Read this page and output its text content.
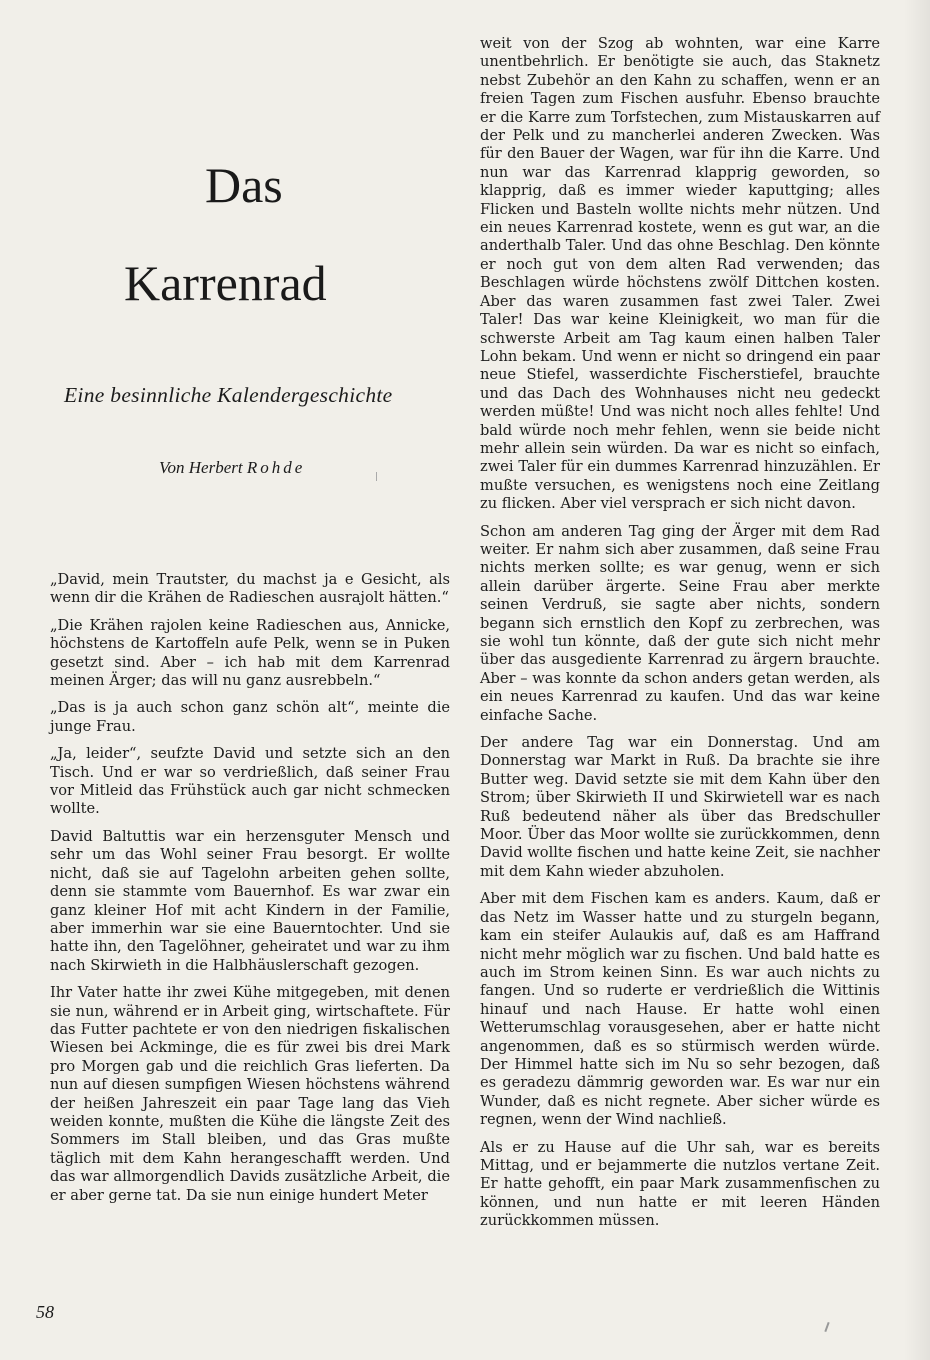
Das
Karrenrad
Eine besinnliche Kalendergeschichte
Von Herbert Rohde

„David, mein Trautster, du machst ja e Gesicht, als wenn dir die Krähen de Radieschen ausrajolt hätten.“

„Die Krähen rajolen keine Radieschen aus, Annicke, höchstens de Kartoffeln aufe Pelk, wenn se in Puken gesetzt sind. Aber – ich hab mit dem Karrenrad meinen Ärger; das will nu ganz ausrebbeln.“

„Das is ja auch schon ganz schön alt“, meinte die junge Frau.

„Ja, leider“, seufzte David und setzte sich an den Tisch. Und er war so verdrießlich, daß seiner Frau vor Mitleid das Frühstück auch gar nicht schmecken wollte.

David Baltuttis war ein herzensguter Mensch und sehr um das Wohl seiner Frau besorgt. Er wollte nicht, daß sie auf Tagelohn arbeiten gehen sollte, denn sie stammte vom Bauernhof. Es war zwar ein ganz kleiner Hof mit acht Kindern in der Familie, aber immerhin war sie eine Bauerntochter. Und sie hatte ihn, den Tagelöhner, geheiratet und war zu ihm nach Skirwieth in die Halbhäuslerschaft gezogen.

Ihr Vater hatte ihr zwei Kühe mitgegeben, mit denen sie nun, während er in Arbeit ging, wirtschaftete. Für das Futter pachtete er von den niedrigen fiskalischen Wiesen bei Ackminge, die es für zwei bis drei Mark pro Morgen gab und die reichlich Gras lieferten. Da nun auf diesen sumpfigen Wiesen höchstens während der heißen Jahreszeit ein paar Tage lang das Vieh weiden konnte, mußten die Kühe die längste Zeit des Sommers im Stall bleiben, und das Gras mußte täglich mit dem Kahn herangeschafft werden. Und das war allmorgendlich Davids zusätzliche Arbeit, die er aber gerne tat. Da sie nun einige hundert Meter

weit von der Szog ab wohnten, war eine Karre unentbehrlich. Er benötigte sie auch, das Staknetz nebst Zubehör an den Kahn zu schaffen, wenn er an freien Tagen zum Fischen ausfuhr. Ebenso brauchte er die Karre zum Torfstechen, zum Mistauskarren auf der Pelk und zu mancherlei anderen Zwecken. Was für den Bauer der Wagen, war für ihn die Karre. Und nun war das Karrenrad klapprig geworden, so klapprig, daß es immer wieder kaputtging; alles Flicken und Basteln wollte nichts mehr nützen. Und ein neues Karrenrad kostete, wenn es gut war, an die anderthalb Taler. Und das ohne Beschlag. Den könnte er noch gut von dem alten Rad verwenden; das Beschlagen würde höchstens zwölf Dittchen kosten. Aber das waren zusammen fast zwei Taler. Zwei Taler! Das war keine Kleinigkeit, wo man für die schwerste Arbeit am Tag kaum einen halben Taler Lohn bekam. Und wenn er nicht so dringend ein paar neue Stiefel, wasserdichte Fischerstiefel, brauchte und das Dach des Wohnhauses nicht neu gedeckt werden müßte! Und was nicht noch alles fehlte! Und bald würde noch mehr fehlen, wenn sie beide nicht mehr allein sein würden. Da war es nicht so einfach, zwei Taler für ein dummes Karrenrad hinzuzählen. Er mußte versuchen, es wenigstens noch eine Zeitlang zu flicken. Aber viel versprach er sich nicht davon.

Schon am anderen Tag ging der Ärger mit dem Rad weiter. Er nahm sich aber zusammen, daß seine Frau nichts merken sollte; es war genug, wenn er sich allein darüber ärgerte. Seine Frau aber merkte seinen Verdruß, sie sagte aber nichts, sondern begann sich ernstlich den Kopf zu zerbrechen, was sie wohl tun könnte, daß der gute sich nicht mehr über das ausgediente Karrenrad zu ärgern brauchte. Aber – was konnte da schon anders getan werden, als ein neues Karrenrad zu kaufen. Und das war keine einfache Sache.

Der andere Tag war ein Donnerstag. Und am Donnerstag war Markt in Ruß. Da brachte sie ihre Butter weg. David setzte sie mit dem Kahn über den Strom; über Skirwieth II und Skirwietell war es nach Ruß bedeutend näher als über das Bredschuller Moor. Über das Moor wollte sie zurückkommen, denn David wollte fischen und hatte keine Zeit, sie nachher mit dem Kahn wieder abzuholen.

Aber mit dem Fischen kam es anders. Kaum, daß er das Netz im Wasser hatte und zu sturgeln begann, kam ein steifer Aulaukis auf, daß es am Haffrand nicht mehr möglich war zu fischen. Und bald hatte es auch im Strom keinen Sinn. Es war auch nichts zu fangen. Und so ruderte er verdrießlich die Wittinis hinauf und nach Hause. Er hatte wohl einen Wetterumschlag vorausgesehen, aber er hatte nicht angenommen, daß es so stürmisch werden würde. Der Himmel hatte sich im Nu so sehr bezogen, daß es geradezu dämmrig geworden war. Es war nur ein Wunder, daß es nicht regnete. Aber sicher würde es regnen, wenn der Wind nachließ.

Als er zu Hause auf die Uhr sah, war es bereits Mittag, und er bejammerte die nutzlos vertane Zeit. Er hatte gehofft, ein paar Mark zusammenfischen zu können, und nun hatte er mit leeren Händen zurückkommen müssen.

58
